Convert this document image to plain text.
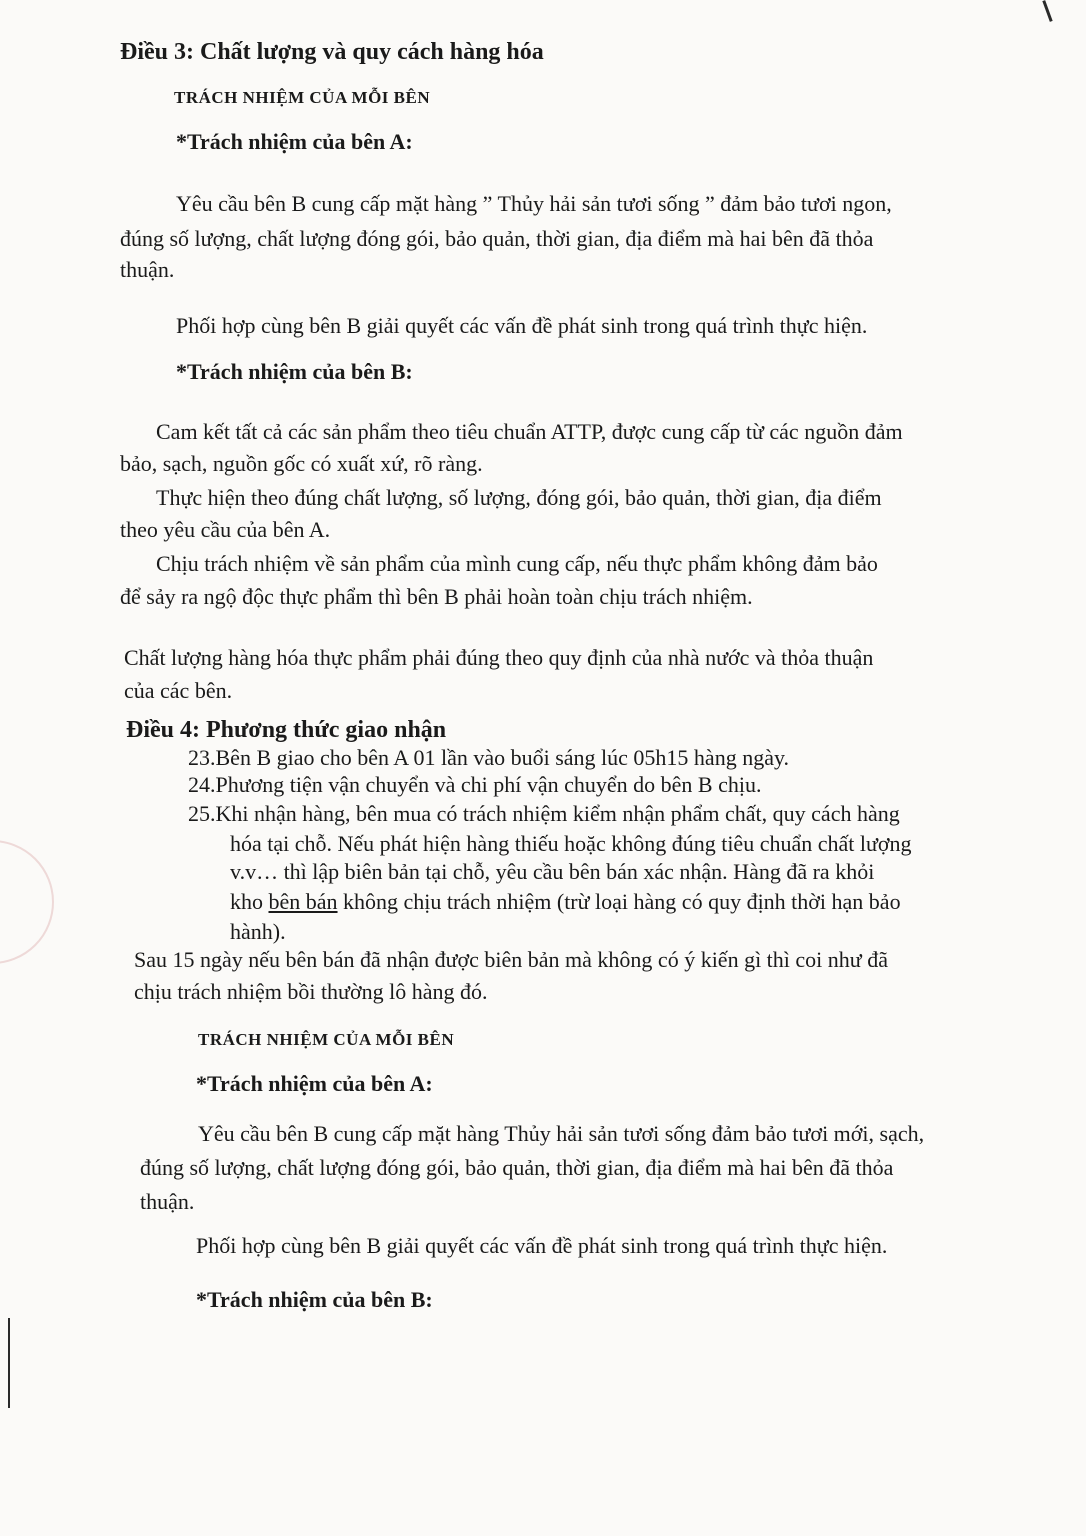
Điều 3: Chất lượng và quy cách hàng hóa
TRÁCH NHIỆM CỦA MỖI BÊN
*Trách nhiệm của bên A:
Yêu cầu bên B cung cấp mặt hàng ” Thủy hải sản tươi sống ” đảm bảo tươi ngon,
đúng số lượng, chất lượng đóng gói, bảo quản, thời gian, địa điểm mà hai bên đã thỏa
thuận.
Phối hợp cùng bên B giải quyết các vấn đề phát sinh trong quá trình thực hiện.
*Trách nhiệm của bên B:
Cam kết tất cả các sản phẩm theo tiêu chuẩn ATTP, được cung cấp từ các nguồn đảm
bảo, sạch, nguồn gốc có xuất xứ, rõ ràng.
Thực hiện theo đúng chất lượng, số lượng, đóng gói, bảo quản, thời gian, địa điểm
theo yêu cầu của bên A.
Chịu trách nhiệm về sản phẩm của mình cung cấp, nếu thực phẩm không đảm bảo
để sảy ra ngộ độc thực phẩm thì bên B phải hoàn toàn chịu trách nhiệm.
Chất lượng hàng hóa thực phẩm phải đúng theo quy định của nhà nước và thỏa thuận
của các bên.
Điều 4: Phương thức giao nhận
23.Bên B giao cho bên A 01 lần vào buổi sáng lúc 05h15 hàng ngày.
24.Phương tiện vận chuyển và chi phí vận chuyển do bên B chịu.
25.Khi nhận hàng, bên mua có trách nhiệm kiểm nhận phẩm chất, quy cách hàng
hóa tại chỗ. Nếu phát hiện hàng thiếu hoặc không đúng tiêu chuẩn chất lượng
v.v… thì lập biên bản tại chỗ, yêu cầu bên bán xác nhận. Hàng đã ra khỏi
kho bên bán không chịu trách nhiệm (trừ loại hàng có quy định thời hạn bảo
hành).
Sau 15 ngày nếu bên bán đã nhận được biên bản mà không có ý kiến gì thì coi như đã
chịu trách nhiệm bồi thường lô hàng đó.
TRÁCH NHIỆM CỦA MỖI BÊN
*Trách nhiệm của bên A:
Yêu cầu bên B cung cấp mặt hàng Thủy hải sản tươi sống đảm bảo tươi mới, sạch,
đúng số lượng, chất lượng đóng gói, bảo quản, thời gian, địa điểm mà hai bên đã thỏa
thuận.
Phối hợp cùng bên B giải quyết các vấn đề phát sinh trong quá trình thực hiện.
*Trách nhiệm của bên B:
